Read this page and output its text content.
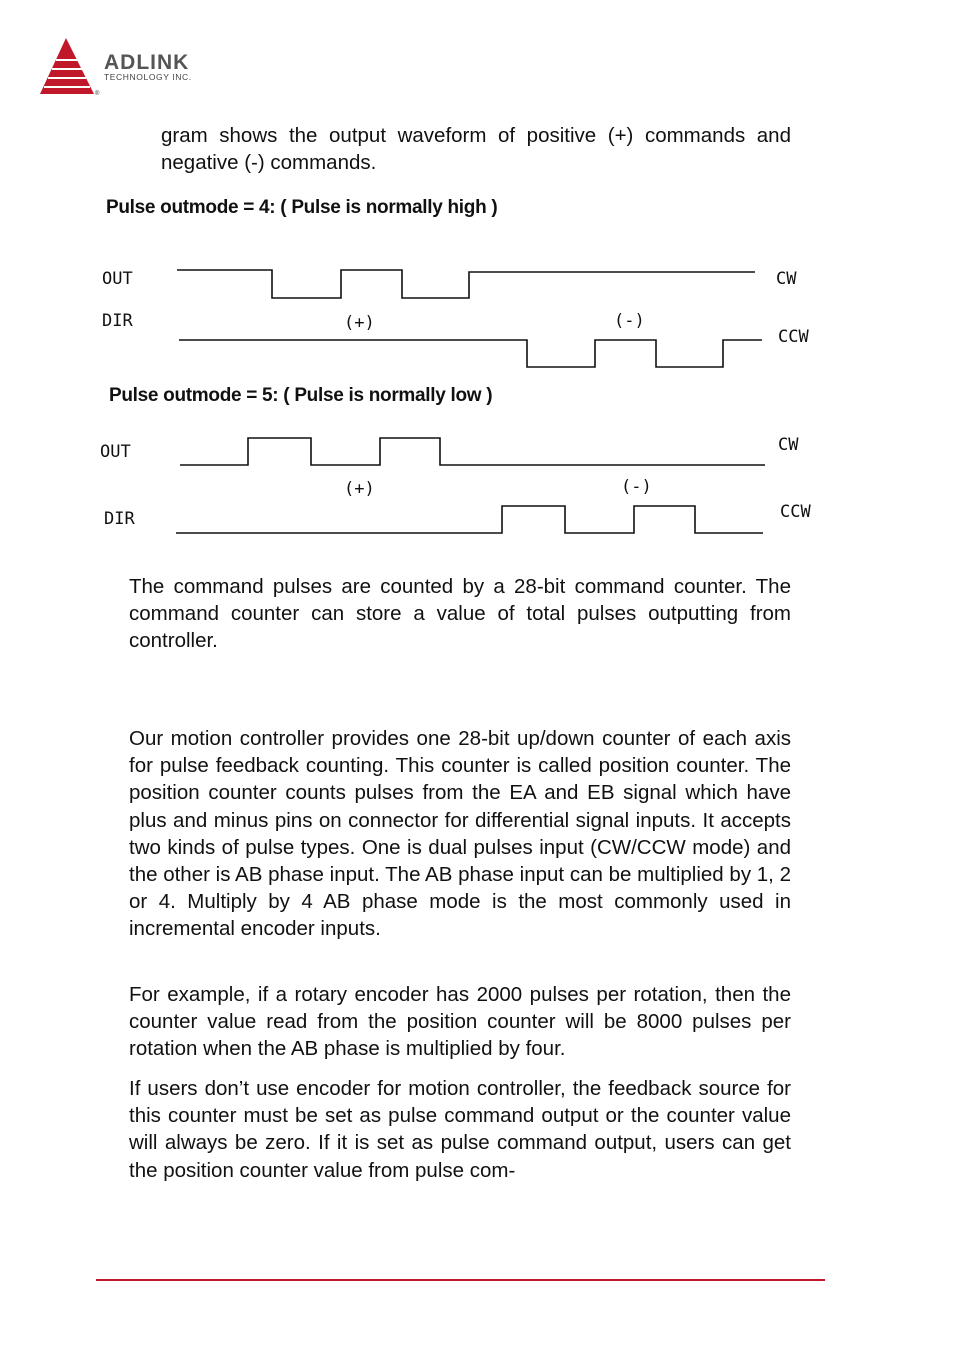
®
ADLINK
TECHNOLOGY INC.

gram shows the output waveform of positive (+) commands and negative (-) commands.

Pulse outmode = 4: ( Pulse is normally high )
Pulse outmode = 5: ( Pulse is normally low )
OUT
DIR	(+)	(-)
CW
CCW
OUT
DIR
(+)	(-)
CW
CCW

The command pulses are counted by a 28-bit command counter. The command counter can store a value of total pulses outputting from controller.

Our motion controller provides one 28-bit up/down counter of each axis for pulse feedback counting. This counter is called position counter. The position counter counts pulses from the EA and EB signal which have plus and minus pins on connector for differential signal inputs. It accepts two kinds of pulse types. One is dual pulses input (CW/CCW mode) and the other is AB phase input. The AB phase input can be multiplied by 1, 2 or 4. Multiply by 4 AB phase mode is the most commonly used in incremental encoder inputs.

For example, if a rotary encoder has 2000 pulses per rotation, then the counter value read from the position counter will be 8000 pulses per rotation when the AB phase is multiplied by four.

If users don’t use encoder for motion controller, the feedback source for this counter must be set as pulse command output or the counter value will always be zero. If it is set as pulse command output, users can get the position counter value from pulse com-
